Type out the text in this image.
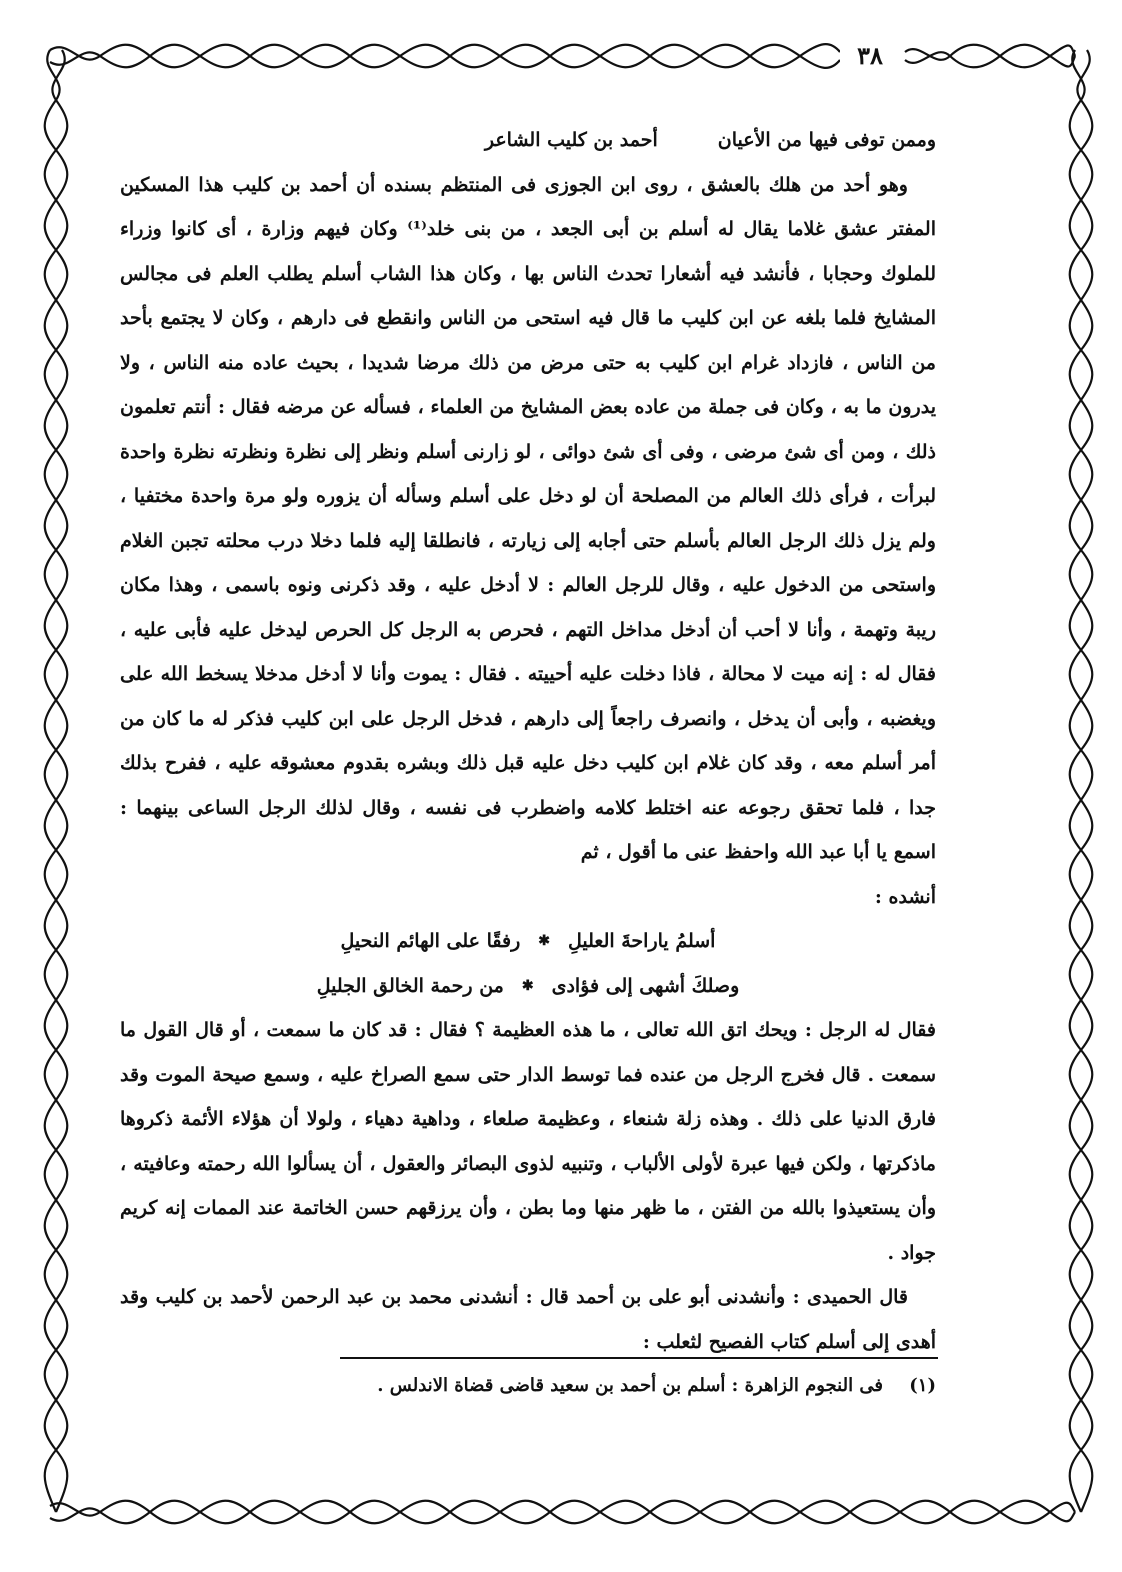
٣٨

وممن توفى فيها من الأعيان
أحمد بن كليب الشاعر

وهو أحد من هلك بالعشق ، روى ابن الجوزى فى المنتظم بسنده أن أحمد بن كليب هذا المسكين المفتر عشق غلاما يقال له أسلم بن أبى الجعد ، من بنى خلد⁽¹⁾ وكان فيهم وزارة ، أى كانوا وزراء للملوك وحجابا ، فأنشد فيه أشعارا تحدث الناس بها ، وكان هذا الشاب أسلم يطلب العلم فى مجالس المشايخ فلما بلغه عن ابن كليب ما قال فيه استحى من الناس وانقطع فى دارهم ، وكان لا يجتمع بأحد من الناس ، فازداد غرام ابن كليب به حتى مرض من ذلك مرضا شديدا ، بحيث عاده منه الناس ، ولا يدرون ما به ، وكان فى جملة من عاده بعض المشايخ من العلماء ، فسأله عن مرضه فقال : أنتم تعلمون ذلك ، ومن أى شئ مرضى ، وفى أى شئ دوائى ، لو زارنى أسلم ونظر إلى نظرة ونظرته نظرة واحدة لبرأت ، فرأى ذلك العالم من المصلحة أن لو دخل على أسلم وسأله أن يزوره ولو مرة واحدة مختفيا ، ولم يزل ذلك الرجل العالم بأسلم حتى أجابه إلى زيارته ، فانطلقا إليه فلما دخلا درب محلته تجبن الغلام واستحى من الدخول عليه ، وقال للرجل العالم : لا أدخل عليه ، وقد ذكرنى ونوه باسمى ، وهذا مكان ريبة وتهمة ، وأنا لا أحب أن أدخل مداخل التهم ، فحرص به الرجل كل الحرص ليدخل عليه فأبى عليه ، فقال له : إنه ميت لا محالة ، فاذا دخلت عليه أحييته . فقال : يموت وأنا لا أدخل مدخلا يسخط الله على ويغضبه ، وأبى أن يدخل ، وانصرف راجعاً إلى دارهم ، فدخل الرجل على ابن كليب فذكر له ما كان من أمر أسلم معه ، وقد كان غلام ابن كليب دخل عليه قبل ذلك وبشره بقدوم معشوقه عليه ، ففرح بذلك جدا ، فلما تحقق رجوعه عنه اختلط كلامه واضطرب فى نفسه ، وقال لذلك الرجل الساعى بينهما : اسمع يا أبا عبد الله واحفظ عنى ما أقول ، ثم

أنشده :

أسلمُ ياراحةَ العليلِ
✱
رفقًا على الهائم النحيلِ
وصلكَ أشهى إلى فؤادى
✱
من رحمة الخالق الجليلِ

فقال له الرجل : ويحك اتق الله تعالى ، ما هذه العظيمة ؟ فقال : قد كان ما سمعت ، أو قال القول ما سمعت . قال فخرج الرجل من عنده فما توسط الدار حتى سمع الصراخ عليه ، وسمع صيحة الموت وقد فارق الدنيا على ذلك . وهذه زلة شنعاء ، وعظيمة صلعاء ، وداهية دهياء ، ولولا أن هؤلاء الأئمة ذكروها ماذكرتها ، ولكن فيها عبرة لأولى الألباب ، وتنبيه لذوى البصائر والعقول ، أن يسألوا الله رحمته وعافيته ، وأن يستعيذوا بالله من الفتن ، ما ظهر منها وما بطن ، وأن يرزقهم حسن الخاتمة عند الممات إنه كريم جواد .

قال الحميدى : وأنشدنى أبو على بن أحمد قال : أنشدنى محمد بن عبد الرحمن لأحمد بن كليب وقد أهدى إلى أسلم كتاب الفصيح لثعلب :

(١) فى النجوم الزاهرة : أسلم بن أحمد بن سعيد قاضى قضاة الاندلس .
